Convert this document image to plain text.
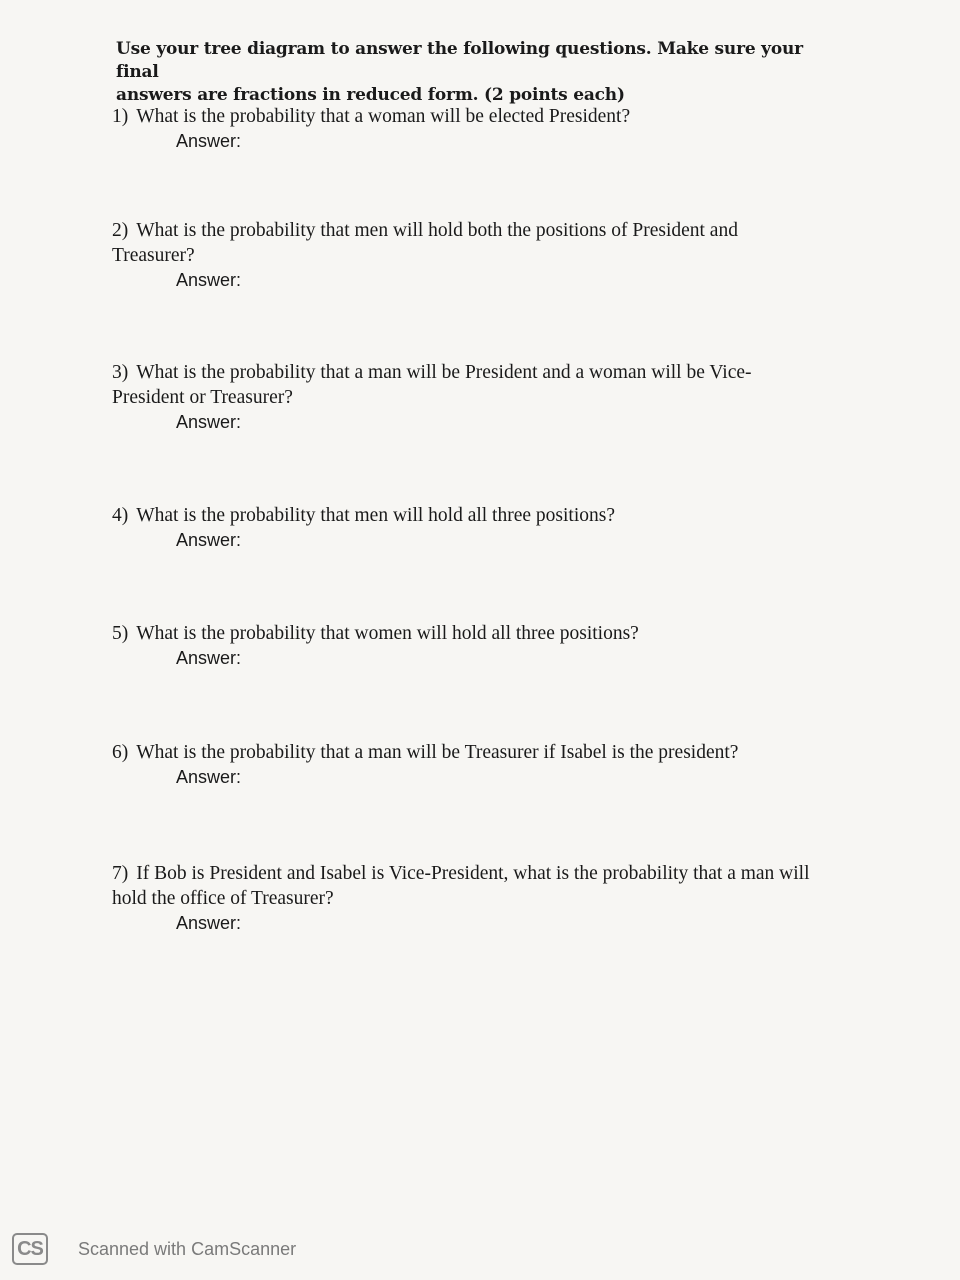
Use your tree diagram to answer the following questions. Make sure your final
answers are fractions in reduced form. (2 points each)
1) What is the probability that a woman will be elected President?
Answer:
2) What is the probability that men will hold both the positions of President and
Treasurer?
Answer:
3) What is the probability that a man will be President and a woman will be Vice-
President or Treasurer?
Answer:
4) What is the probability that men will hold all three positions?
Answer:
5) What is the probability that women will hold all three positions?
Answer:
6) What is the probability that a man will be Treasurer if Isabel is the president?
Answer:
7) If Bob is President and Isabel is Vice-President, what is the probability that a man will
hold the office of Treasurer?
Answer:
CS Scanned with CamScanner
